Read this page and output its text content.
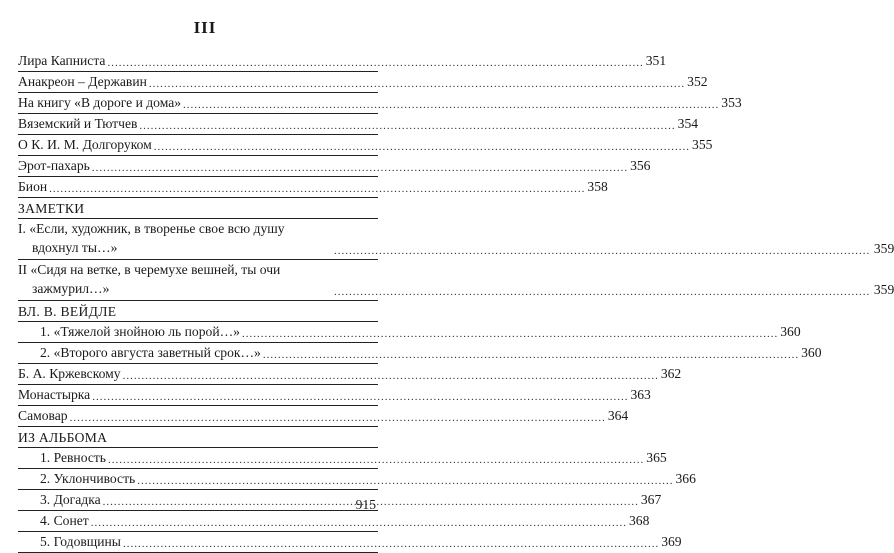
III
Лира Капниста .....	351
Анакреон – Державин .....	352
На книгу «В дороге и дома» .....	353
Вяземский и Тютчев .....	354
О К. И. М. Долгоруком .....	355
Эрот-пахарь .....	356
Бион .....	358
ЗАМЕТКИ
I. «Если, художник, в творенье свое всю душу
вдохнул ты…» .....	359
II «Сидя на ветке, в черемухе вешней, ты очи
зажмурил…» .....	359
ВЛ. В. ВЕЙДЛЕ
1. «Тяжелой знойною ль порой…» .....	360
2. «Второго августа заветный срок…» .....	360
Б. А. Кржевскому .....	362
Монастырка .....	363
Самовар .....	364
ИЗ АЛЬБОМА
1. Ревность .....	365
2. Уклончивость .....	366
3. Догадка .....	367
4. Сонет .....	368
5. Годовщины .....	369
915
